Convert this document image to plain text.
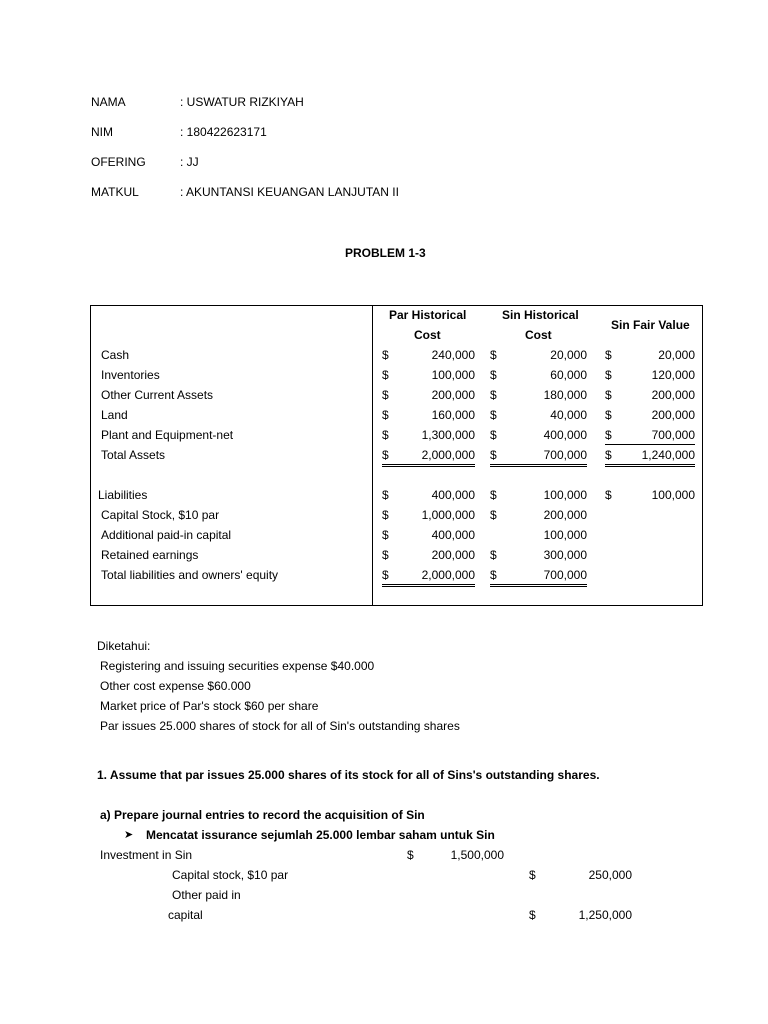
NAMA	: USWATUR RIZKIYAH
NIM	: 180422623171
OFERING	: JJ
MATKUL	: AKUNTANSI KEUANGAN LANJUTAN II
PROBLEM 1-3
Par Historical
Cost
Sin Historical
Cost
Sin Fair Value
Cash	$	240,000 $	20,000 $	20,000
Inventories	$	100,000 $	60,000 $	120,000
Other Current Assets	$	200,000 $	180,000 $	200,000
Land	$	160,000 $	40,000 $	200,000
Plant and Equipment-net	$	1,300,000 $	400,000 $	700,000
Total Assets	$	2,000,000 $	700,000 $ 1,240,000
Liabilities	$	400,000 $	100,000 $	100,000
Capital Stock, $10 par	$	1,000,000 $	200,000
Additional paid-in capital	$	400,000	100,000
Retained earnings	$	200,000 $	300,000
Total liabilities and owners' equity	$	2,000,000 $	700,000
Diketahui:
Registering and issuing securities expense $40.000
Other cost expense $60.000
Market price of Par's stock $60 per share
Par issues 25.000 shares of stock for all of Sin's outstanding shares
1. Assume that par issues 25.000 shares of its stock for all of Sins's outstanding shares.
a) Prepare journal entries to record the acquisition of Sin
➤ Mencatat issurance sejumlah 25.000 lembar saham untuk Sin
Investment in Sin	$	1,500,000
Capital stock, $10 par	$	250,000
Other paid in
capital	$	1,250,000
